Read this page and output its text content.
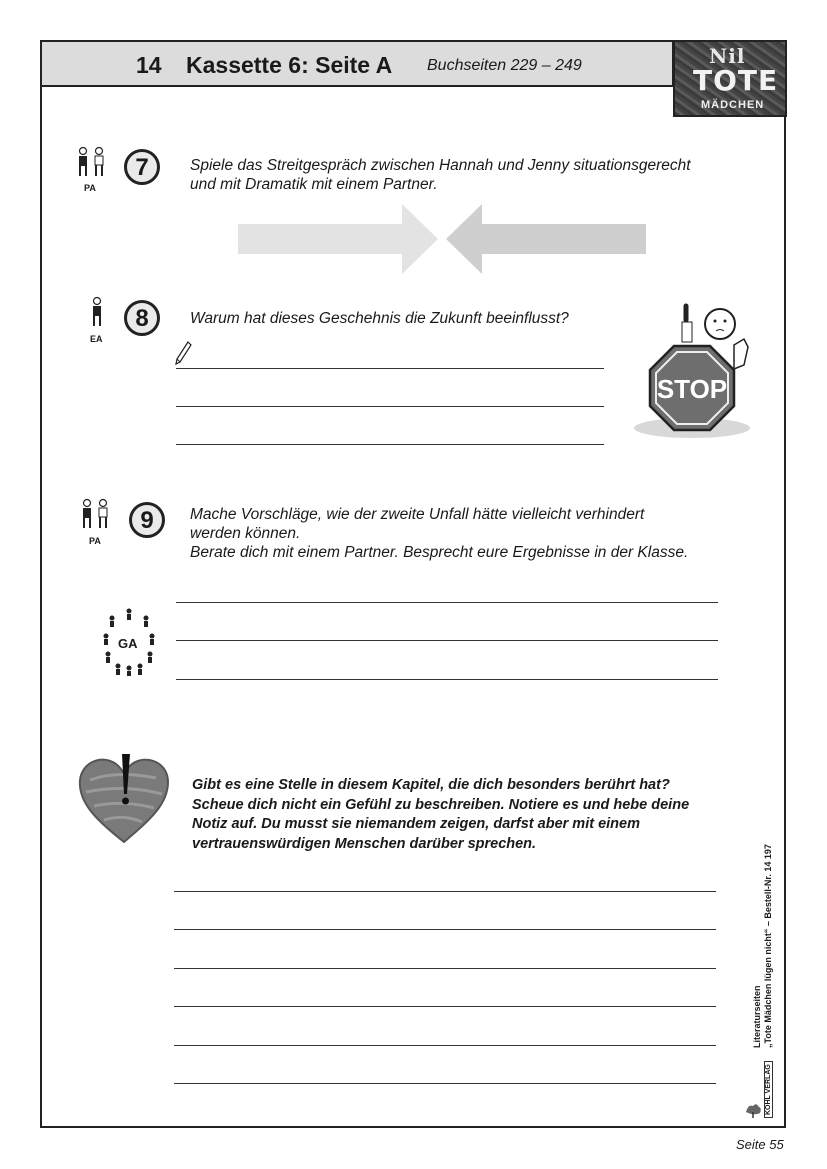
14 Kassette 6: Seite A Buchseiten 229 – 249	Nil
TOTE
MÄDCHEN
PA
7	Spiele das Streitgespräch zwischen Hannah und Jenny situationsgerecht
und mit Dramatik mit einem Partner.
EA
8	Warum hat dieses Geschehnis die Zukunft beeinflusst?
STOP
PA
9	Mache Vorschläge, wie der zweite Unfall hätte vielleicht verhindert
werden können.
Berate dich mit einem Partner. Besprecht eure Ergebnisse in der Klasse.
GA
Gibt es eine Stelle in diesem Kapitel, die dich besonders berührt hat?
Scheue dich nicht ein Gefühl zu beschreiben. Notiere es und hebe deine
Notiz auf. Du musst sie niemandem zeigen, darfst aber mit einem
vertrauenswürdigen Menschen darüber sprechen.
Literaturseiten „Tote Mädchen lügen nicht“ – Bestell-Nr. 14 197
KOHL VERLAG
Seite 55
